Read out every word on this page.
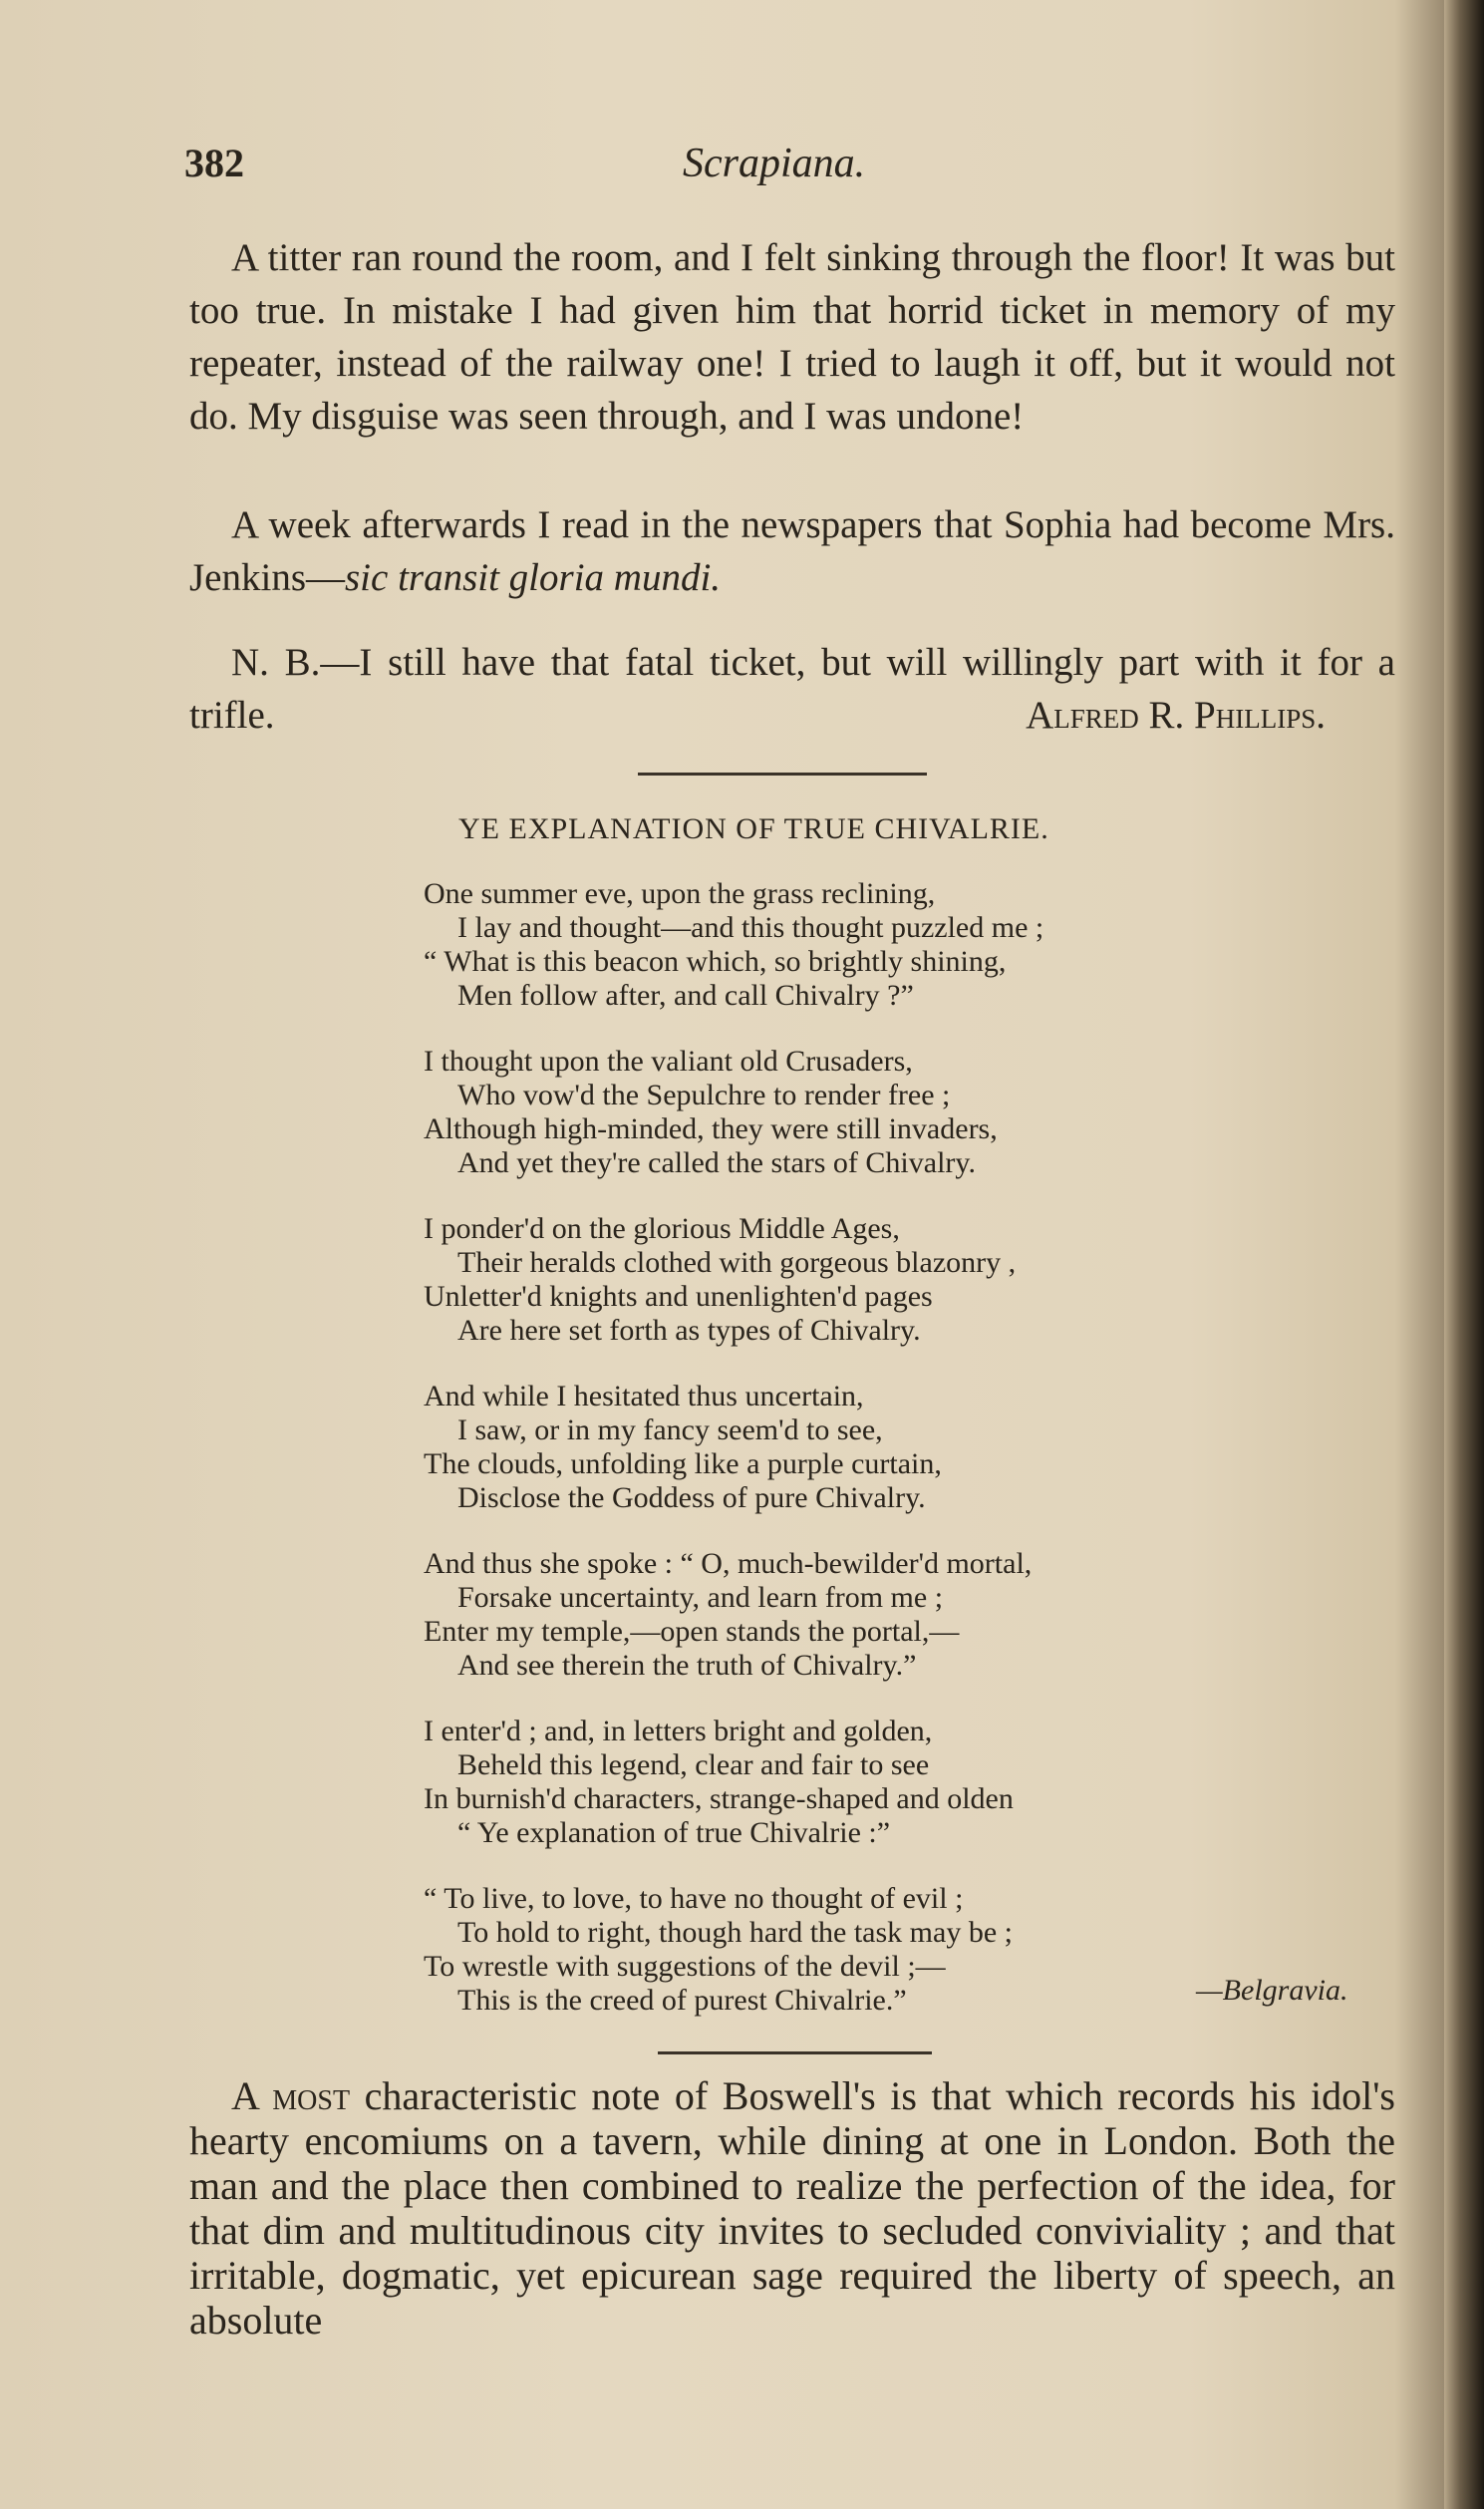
382	Scrapiana.

A titter ran round the room, and I felt sinking through the floor! It was but too true. In mistake I had given him that horrid ticket in memory of my repeater, instead of the railway one! I tried to laugh it off, but it would not do. My disguise was seen through, and I was undone!

A week afterwards I read in the newspapers that Sophia had become Mrs. Jenkins—sic transit gloria mundi.

N. B.—I still have that fatal ticket, but will willingly part with it for a trifle.	Alfred R. Phillips.

YE EXPLANATION OF TRUE CHIVALRIE.
One summer eve, upon the grass reclining,
I lay and thought—and this thought puzzled me ;
“ What is this beacon which, so brightly shining,
Men follow after, and call Chivalry ?”
I thought upon the valiant old Crusaders,
Who vow'd the Sepulchre to render free ;
Although high-minded, they were still invaders,
And yet they're called the stars of Chivalry.
I ponder'd on the glorious Middle Ages,
Their heralds clothed with gorgeous blazonry ,
Unletter'd knights and unenlighten'd pages
Are here set forth as types of Chivalry.
And while I hesitated thus uncertain,
I saw, or in my fancy seem'd to see,
The clouds, unfolding like a purple curtain,
Disclose the Goddess of pure Chivalry.
And thus she spoke : “ O, much-bewilder'd mortal,
Forsake uncertainty, and learn from me ;
Enter my temple,—open stands the portal,—
And see therein the truth of Chivalry.”
I enter'd ; and, in letters bright and golden,
Beheld this legend, clear and fair to see
In burnish'd characters, strange-shaped and olden
“ Ye explanation of true Chivalrie :”
“ To live, to love, to have no thought of evil ;
To hold to right, though hard the task may be ;
To wrestle with suggestions of the devil ;—
This is the creed of purest Chivalrie.”	—Belgravia.

A most characteristic note of Boswell's is that which records his idol's hearty encomiums on a tavern, while dining at one in London. Both the man and the place then combined to realize the perfection of the idea, for that dim and multitudinous city invites to secluded conviviality ; and that irritable, dogmatic, yet epicurean sage required the liberty of speech, an absolute
